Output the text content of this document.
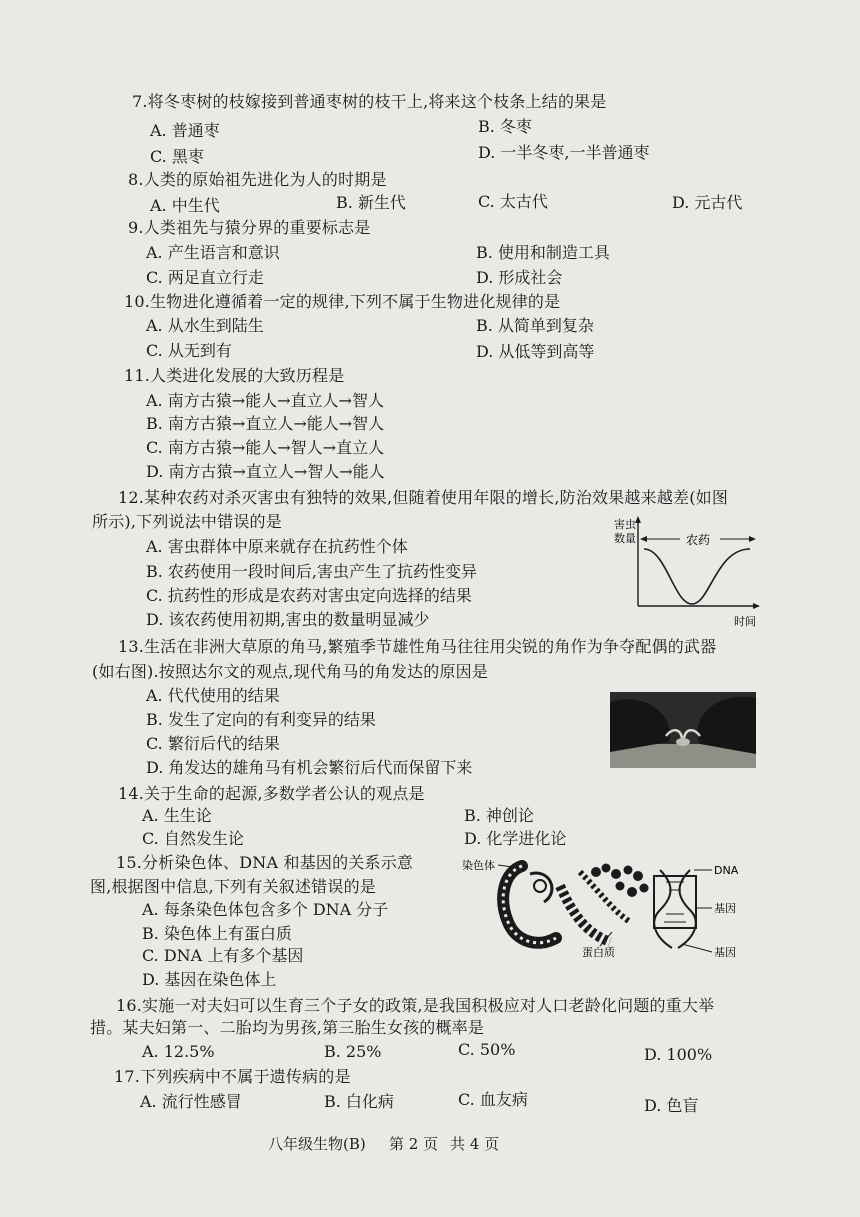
7.将冬枣树的枝嫁接到普通枣树的枝干上,将来这个枝条上结的果是
A. 普通枣	B. 冬枣
C. 黑枣	D. 一半冬枣,一半普通枣
8.人类的原始祖先进化为人的时期是
A. 中生代	B. 新生代	C. 太古代	D. 元古代
9.人类祖先与猿分界的重要标志是
A. 产生语言和意识	B. 使用和制造工具
C. 两足直立行走	D. 形成社会
10.生物进化遵循着一定的规律,下列不属于生物进化规律的是
A. 从水生到陆生	B. 从简单到复杂
C. 从无到有	D. 从低等到高等
11.人类进化发展的大致历程是
A. 南方古猿→能人→直立人→智人
B. 南方古猿→直立人→能人→智人
C. 南方古猿→能人→智人→直立人
D. 南方古猿→直立人→智人→能人
12.某种农药对杀灭害虫有独特的效果,但随着使用年限的增长,防治效果越来越差(如图
所示),下列说法中错误的是
A. 害虫群体中原来就存在抗药性个体
B. 农药使用一段时间后,害虫产生了抗药性变异
C. 抗药性的形成是农药对害虫定向选择的结果
D. 该农药使用初期,害虫的数量明显减少
害虫
数量	农药
时间
13.生活在非洲大草原的角马,繁殖季节雄性角马往往用尖锐的角作为争夺配偶的武器
(如右图).按照达尔文的观点,现代角马的角发达的原因是
A. 代代使用的结果
B. 发生了定向的有利变异的结果
C. 繁衍后代的结果
D. 角发达的雄角马有机会繁衍后代而保留下来
14.关于生命的起源,多数学者公认的观点是
A. 生生论	B. 神创论
C. 自然发生论	D. 化学进化论
15.分析染色体、DNA 和基因的关系示意
图,根据图中信息,下列有关叙述错误的是
A. 每条染色体包含多个 DNA 分子
B. 染色体上有蛋白质
C. DNA 上有多个基因
D. 基因在染色体上
染色体
蛋白质
DNA
基因
基因
16.实施一对夫妇可以生育三个子女的政策,是我国积极应对人口老龄化问题的重大举
措。某夫妇第一、二胎均为男孩,第三胎生女孩的概率是
A. 12.5%	B. 25%	C. 50%	D. 100%
17.下列疾病中不属于遗传病的是
A. 流行性感冒	B. 白化病	C. 血友病	D. 色盲
八年级生物(B) 第 2 页 共 4 页
